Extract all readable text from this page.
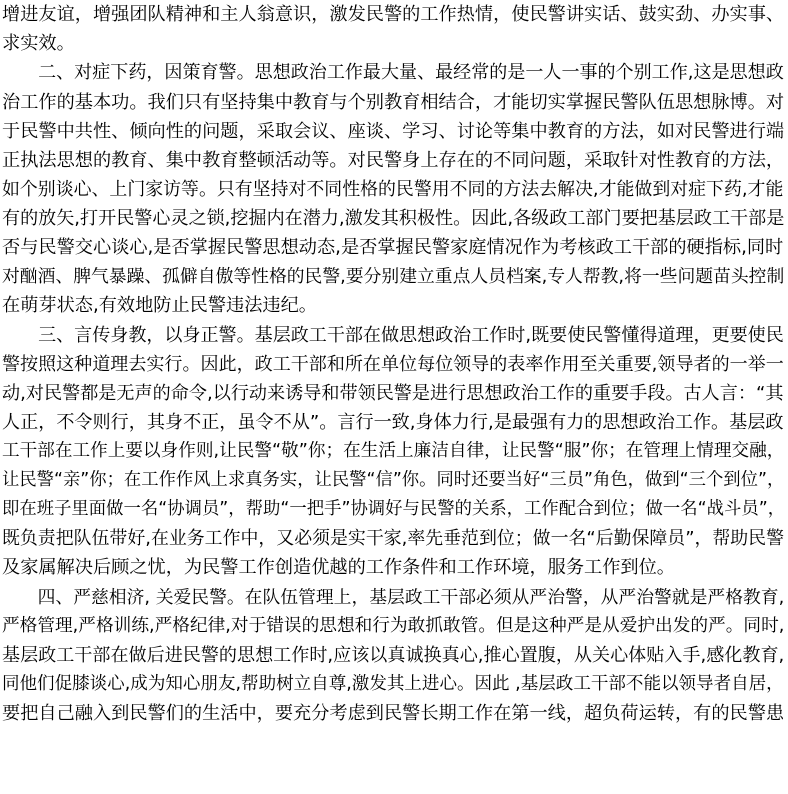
增进友谊，增强团队精神和主人翁意识，激发民警的工作热情，使民警讲实话、鼓实劲、办实事、
求实效。
　　二、对症下药，因策育警。思想政治工作最大量、最经常的是一人一事的个别工作,这是思想政
治工作的基本功。我们只有坚持集中教育与个别教育相结合，才能切实掌握民警队伍思想脉博。对
于民警中共性、倾向性的问题，采取会议、座谈、学习、讨论等集中教育的方法，如对民警进行端
正执法思想的教育、集中教育整顿活动等。对民警身上存在的不同问题，采取针对性教育的方法，
如个别谈心、上门家访等。只有坚持对不同性格的民警用不同的方法去解决,才能做到对症下药,才能
有的放矢,打开民警心灵之锁,挖掘内在潜力,激发其积极性。因此,各级政工部门要把基层政工干部是
否与民警交心谈心,是否掌握民警思想动态,是否掌握民警家庭情况作为考核政工干部的硬指标,同时
对酗酒、脾气暴躁、孤僻自傲等性格的民警,要分别建立重点人员档案,专人帮教,将一些问题苗头控制
在萌芽状态,有效地防止民警违法违纪。
　　三、言传身教，以身正警。基层政工干部在做思想政治工作时,既要使民警懂得道理，更要使民
警按照这种道理去实行。因此，政工干部和所在单位每位领导的表率作用至关重要,领导者的一举一
动,对民警都是无声的命令,以行动来诱导和带领民警是进行思想政治工作的重要手段。古人言：“其
人正，不令则行，其身不正，虽令不从”。言行一致,身体力行,是最强有力的思想政治工作。基层政
工干部在工作上要以身作则,让民警“敬”你；在生活上廉洁自律，让民警“服”你；在管理上情理交融，
让民警“亲”你；在工作作风上求真务实，让民警“信”你。同时还要当好“三员”角色，做到“三个到位”，
即在班子里面做一名“协调员”，帮助“一把手”协调好与民警的关系，工作配合到位；做一名“战斗员”，
既负责把队伍带好,在业务工作中，又必须是实干家,率先垂范到位；做一名“后勤保障员”，帮助民警
及家属解决后顾之忧，为民警工作创造优越的工作条件和工作环境，服务工作到位。
　　四、严慈相济, 关爱民警。在队伍管理上，基层政工干部必须从严治警，从严治警就是严格教育,
严格管理,严格训练,严格纪律,对于错误的思想和行为敢抓敢管。但是这种严是从爱护出发的严。同时,
基层政工干部在做后进民警的思想工作时,应该以真诚换真心,推心置腹，从关心体贴入手,感化教育,
同他们促膝谈心,成为知心朋友,帮助树立自尊,激发其上进心。因此 ,基层政工干部不能以领导者自居，
要把自己融入到民警们的生活中，要充分考虑到民警长期工作在第一线，超负荷运转，有的民警患
